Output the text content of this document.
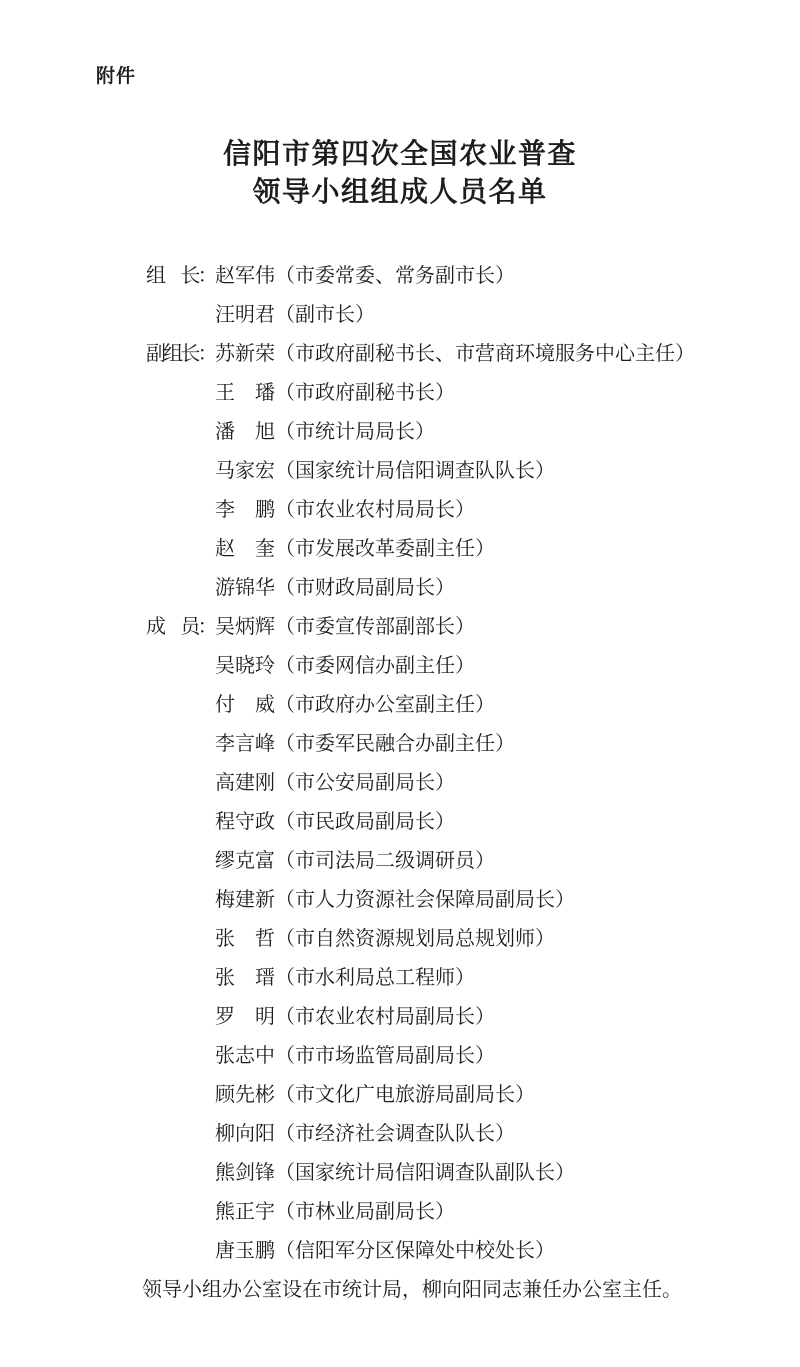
附件
信阳市第四次全国农业普查
领导小组组成人员名单
组　长：赵军伟（市委常委、常务副市长）
汪明君（副市长）
副组长：苏新荣（市政府副秘书长、市营商环境服务中心主任）
王　璠（市政府副秘书长）
潘　旭（市统计局局长）
马家宏（国家统计局信阳调查队队长）
李　鹏（市农业农村局局长）
赵　奎（市发展改革委副主任）
游锦华（市财政局副局长）
成　员：吴炳辉（市委宣传部副部长）
吴晓玲（市委网信办副主任）
付　威（市政府办公室副主任）
李言峰（市委军民融合办副主任）
高建刚（市公安局副局长）
程守政（市民政局副局长）
缪克富（市司法局二级调研员）
梅建新（市人力资源社会保障局副局长）
张　哲（市自然资源规划局总规划师）
张　瑨（市水利局总工程师）
罗　明（市农业农村局副局长）
张志中（市市场监管局副局长）
顾先彬（市文化广电旅游局副局长）
柳向阳（市经济社会调查队队长）
熊剑锋（国家统计局信阳调查队副队长）
熊正宇（市林业局副局长）
唐玉鹏（信阳军分区保障处中校处长）
领导小组办公室设在市统计局，柳向阳同志兼任办公室主任。
